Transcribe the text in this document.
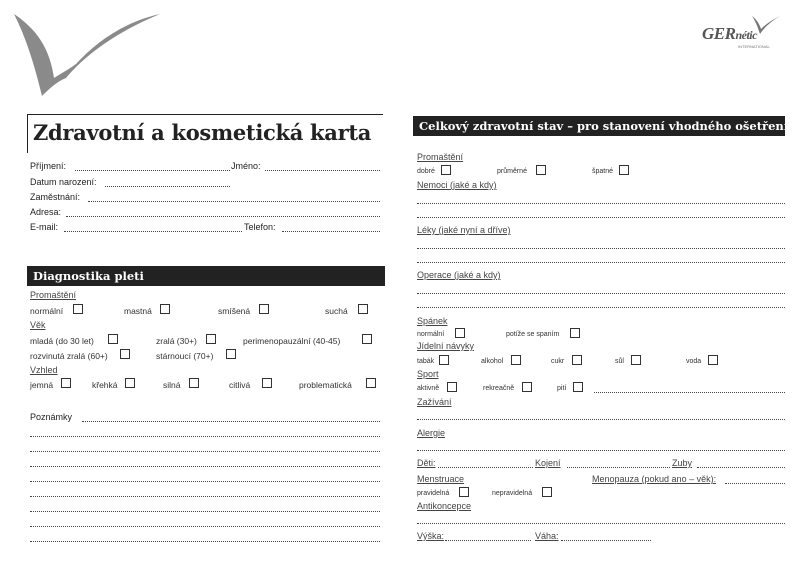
GERnétic
INTERNATIONAL
Zdravotní a kosmetická karta
Příjmení:	Jméno:
Datum narození:
Zaměstnání:
Adresa:
E-mail:	Telefon:
Diagnostika pleti
Promaštění
normální	mastná	smíšená	suchá
Věk
mladá (do 30 let)	zralá (30+)	perimenopauzální (40-45)
rozvinutá zralá (60+)	stárnoucí (70+)
Vzhled
jemná	křehká	silná	citlivá	problematická
Poznámky
Celkový zdravotní stav – pro stanovení vhodného ošetření
Promaštění
dobré	průměrné	špatné
Nemoci (jaké a kdy)
Léky (jaké nyní a dříve)
Operace (jaké a kdy)
Spánek
normální	potíže se spaním
Jídelní návyky
tabák	alkohol	cukr	sůl	voda
Sport
aktivně	rekreačně	pití
Zažívání
Alergie
Děti:	Kojení	Zuby
Menstruace	Menopauza (pokud ano – věk):
pravidelná	nepravidelná
Antikoncepce
Výška:	Váha:
